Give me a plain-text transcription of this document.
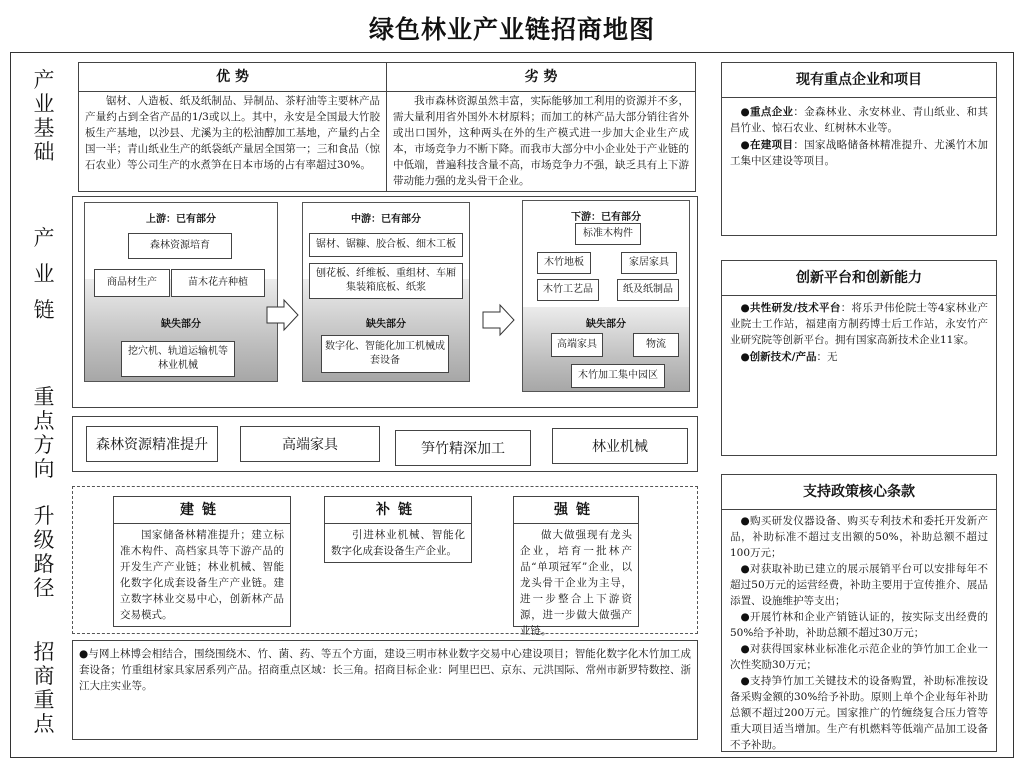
绿色林业产业链招商地图
产业基础
产业链
重点方向
升级路径
招商重点
优 势
锯材、人造板、纸及纸制品、异制品、茶籽油等主要林产品产量约占到全省产品的1/3或以上。其中，永安是全国最大竹胶板生产基地，以沙县、尤溪为主的松油醇加工基地，产量约占全国一半；青山纸业生产的纸袋纸产量居全国第一；三和食品（惊石农业）等公司生产的水煮笋在日本市场的占有率超过30%。
劣 势
我市森林资源虽然丰富，实际能够加工利用的资源并不多，需大量利用省外国外木材原料；而加工的林产品大部分销往省外或出口国外，这种两头在外的生产模式进一步加大企业生产成本，市场竞争力不断下降。而我市大部分中小企业处于产业链的中低端，普遍科技含量不高，市场竞争力不强，缺乏具有上下游带动能力强的龙头骨干企业。
现有重点企业和项目
●重点企业：金森林业、永安林业、青山纸业、和其昌竹业、惊石农业、红树林木业等。
●在建项目：国家战略储备林精准提升、尤溪竹木加工集中区建设等项目。
上游：已有部分
森林资源培育
商品材生产	苗木花卉种植
缺失部分
挖穴机、轨道运输机等林业机械
中游：已有部分
锯材、锯糠、胶合板、细木工板
刨花板、纤维板、重组材、车厢集装箱底板、纸浆
缺失部分
数字化、智能化加工机械成套设备
下游：已有部分
标准木构件
木竹地板	家居家具
木竹工艺品	纸及纸制品
缺失部分
高端家具	物流
木竹加工集中园区
创新平台和创新能力
●共性研发/技术平台：将乐尹伟伦院士等4家林业产业院士工作站，福建南方制药博士后工作站，永安竹产业研究院等创新平台。拥有国家高新技术企业11家。
●创新技术/产品：无
森林资源精准提升	高端家具	笋竹精深加工	林业机械
建链
国家储备林精准提升；建立标准木构件、高档家具等下游产品的开发生产产业链；林业机械、智能化数字化成套设备生产产业链。建立数字林业交易中心，创新林产品交易模式。
补链
引进林业机械、智能化数字化成套设备生产企业。
强链
做大做强现有龙头企业，培育一批林产品“单项冠军”企业，以龙头骨干企业为主导，进一步整合上下游资源，进一步做大做强产业链。
●与网上林博会相结合，围绕围绕木、竹、菌、药、等五个方面，建设三明市林业数字交易中心建设项目；智能化数字化木竹加工成套设备；竹重组材家具家居系列产品。招商重点区域：长三角。招商目标企业：阿里巴巴、京东、元洪国际、常州市新罗特数控、浙江大庄实业等。
支持政策核心条款
●购买研发仪器设备、购买专利技术和委托开发新产品，补助标准不超过支出额的50%，补助总额不超过100万元；
●对获取补助已建立的展示展销平台可以安排每年不超过50万元的运营经费，补助主要用于宣传推介、展品添置、设施维护等支出；
●开展竹林和企业产销链认证的，按实际支出经费的50%给予补助，补助总额不超过30万元；
●对获得国家林业标准化示范企业的笋竹加工企业一次性奖励30万元；
●支持笋竹加工关键技术的设备购置，补助标准按设备采购金额的30%给予补助。原则上单个企业每年补助总额不超过200万元。国家推广的竹缠绕复合压力管等重大项目适当增加。生产有机燃料等低端产品加工设备不予补助。
